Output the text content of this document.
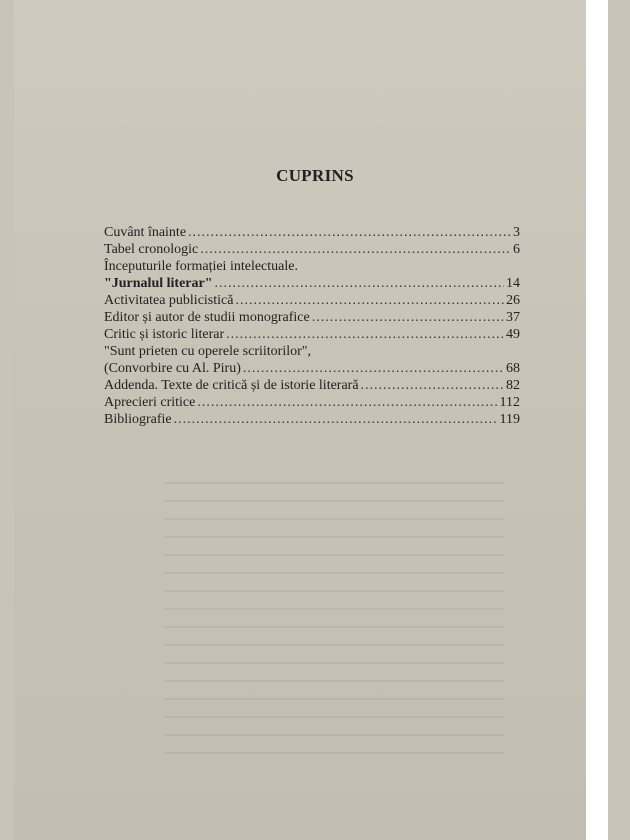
CUPRINS
Cuvânt înainte .....	3
Tabel cronologic .....	6
Începuturile formației intelectuale.
"Jurnalul literar" .....	14
Activitatea publicistică .....	26
Editor și autor de studii monografice .....	37
Critic și istoric literar .....	49
"Sunt prieten cu operele scriitorilor",
(Convorbire cu Al. Piru) .....	68
Addenda. Texte de critică și de istorie literară .....	82
Aprecieri critice .....	112
Bibliografie .....	119
